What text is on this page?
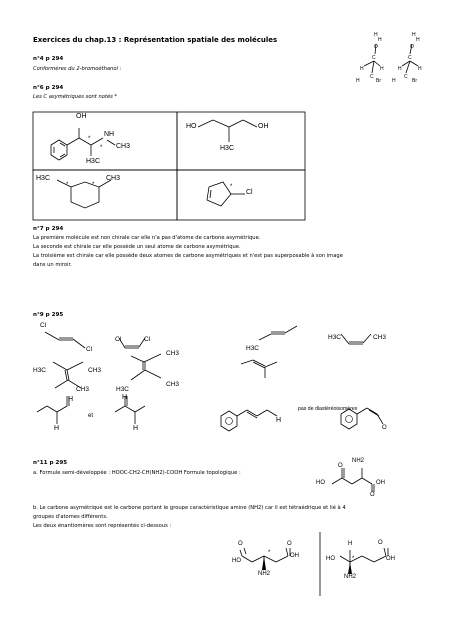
Exercices du chap.13 : Représentation spatiale des molécules
H
O
H
C
H	H
C
H	Br
H
O
H
C
H	H
C
H	Br
n°4 p 294
Conformères du 2-bromoéthanol :
n°6 p 294
Les C asymétriques sont notés *
OH
NH
CH3
H3C
*
*
HO	OH
H3C
H3C	CH3
*	*
Cl
*
n°7 p 294
La première molécule est non chirale car elle n'a pas d'atome de carbone asymétrique.
La seconde est chirale car elle possède un seul atome de carbone asymétrique.
La troisième est chirale car elle possède deux atomes de carbone asymétriques et n'est pas superposable à son image
dans un miroir.
n°9 p 295
Cl
Cl
Cl	Cl
H3C
H3C	CH3
H3C	CH3
CH3
CH3
H3C
CH3
pas de diastéréoisomères
H
H
et
H
H
H
O
n°11 p 295
a. Formule semi-développée : HOOC-CH2-CH(NH2)-COOH Formule topologique :
NH2
O
HO	OH
O
b. Le carbone asymétrique est le carbone portant le groupe caractéristique amine (NH2) car il est tétraédrique et lié à 4
groupes d'atomes différents.
Les deux énantiomères sont représentés ci-dessous :
O
HO
O
OH
*
NH2
H
HO	*
O
OH
NH2
